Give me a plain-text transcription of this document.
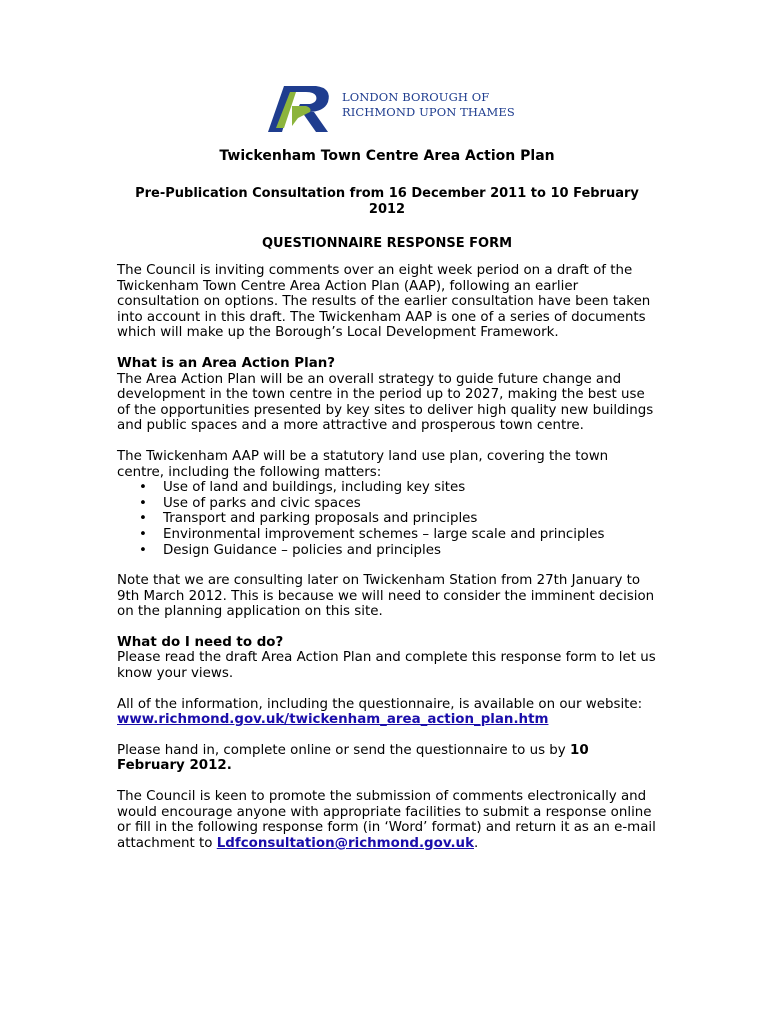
LONDON BOROUGH OF
RICHMOND UPON THAMES
Twickenham Town Centre Area Action Plan
Pre-Publication Consultation from 16 December 2011 to 10 February 2012
QUESTIONNAIRE RESPONSE FORM

The Council is inviting comments over an eight week period on a draft of the Twickenham Town Centre Area Action Plan (AAP), following an earlier consultation on options. The results of the earlier consultation have been taken into account in this draft. The Twickenham AAP is one of a series of documents which will make up the Borough’s Local Development Framework.

What is an Area Action Plan?
The Area Action Plan will be an overall strategy to guide future change and development in the town centre in the period up to 2027, making the best use of the opportunities presented by key sites to deliver high quality new buildings and public spaces and a more attractive and prosperous town centre.

The Twickenham AAP will be a statutory land use plan, covering the town centre, including the following matters:

• Use of land and buildings, including key sites
• Use of parks and civic spaces
• Transport and parking proposals and principles
• Environmental improvement schemes – large scale and principles
• Design Guidance – policies and principles

Note that we are consulting later on Twickenham Station from 27th January to 9th March 2012. This is because we will need to consider the imminent decision on the planning application on this site.

What do I need to do?
Please read the draft Area Action Plan and complete this response form to let us know your views.

All of the information, including the questionnaire, is available on our website: www.richmond.gov.uk/twickenham_area_action_plan.htm

Please hand in, complete online or send the questionnaire to us by 10 February 2012.

The Council is keen to promote the submission of comments electronically and would encourage anyone with appropriate facilities to submit a response online or fill in the following response form (in ‘Word’ format) and return it as an e-mail attachment to Ldfconsultation@richmond.gov.uk.
